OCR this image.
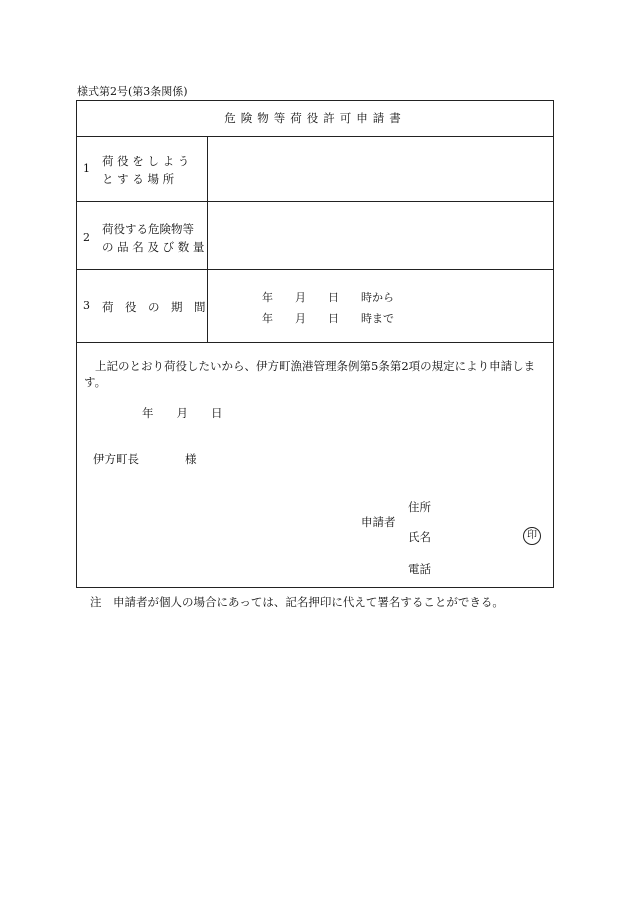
様式第2号(第3条関係)
危険物等荷役許可申請書
1
荷 役 を し よ う
と す る 場 所
2
荷役する危険物等
の 品 名 及 び 数 量
3 荷　役　の　期　間
年　　月　　日　　時から
年　　月　　日　　時まで
上記のとおり荷役したいから、伊方町漁港管理条例第5条第2項の規定により申請します。
年　　月　　日
伊方町長　　　　様
申請者
住所
氏名	印
電話
注　申請者が個人の場合にあっては、記名押印に代えて署名することができる。
